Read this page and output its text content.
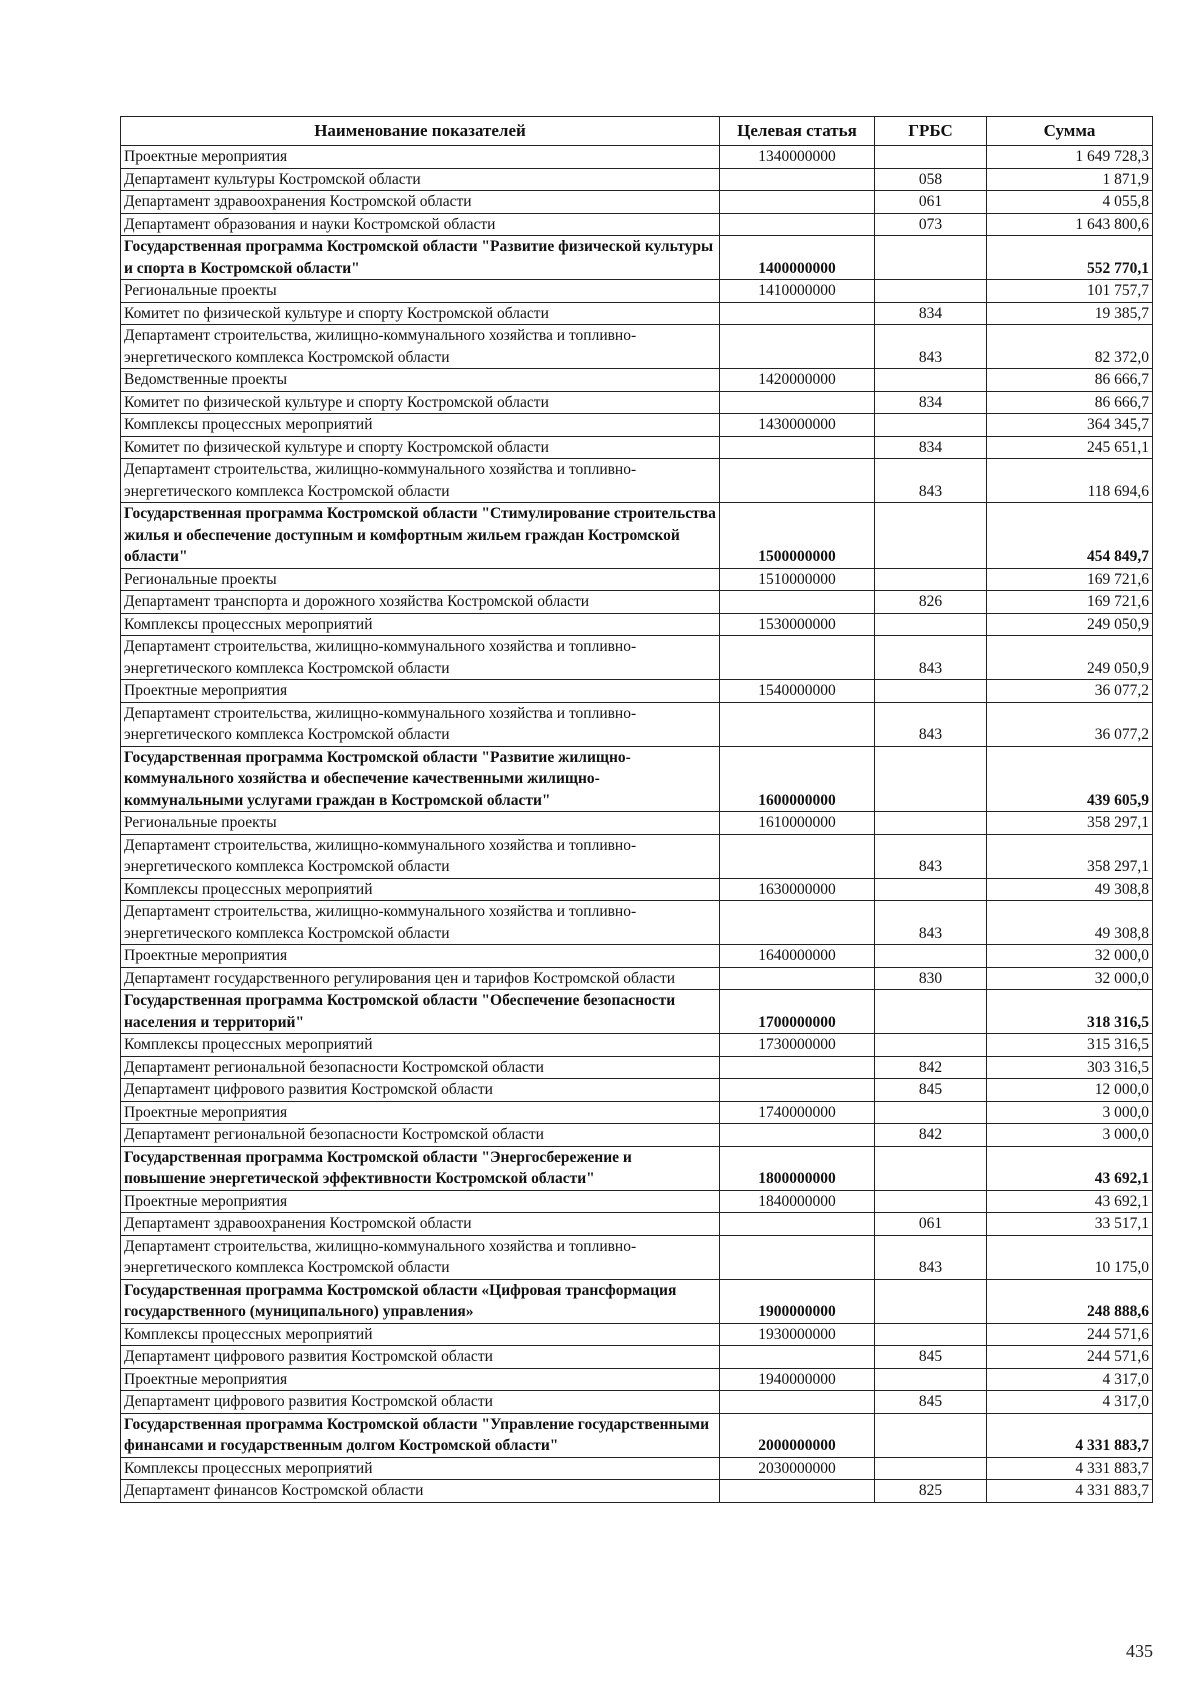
Наименование показателей	Целевая статья	ГРБС	Сумма
Проектные мероприятия	1340000000		1 649 728,3
Департамент культуры Костромской области		058	1 871,9
Департамент здравоохранения Костромской области		061	4 055,8
Департамент образования и науки Костромской области		073	1 643 800,6
Государственная программа Костромской области "Развитие физической культуры и спорта в Костромской области"	1400000000		552 770,1
Региональные проекты	1410000000		101 757,7
Комитет по физической культуре и спорту Костромской области		834	19 385,7
Департамент строительства, жилищно-коммунального хозяйства и топливно-энергетического комплекса Костромской области		843	82 372,0
Ведомственные проекты	1420000000		86 666,7
Комитет по физической культуре и спорту Костромской области		834	86 666,7
Комплексы процессных мероприятий	1430000000		364 345,7
Комитет по физической культуре и спорту Костромской области		834	245 651,1
Департамент строительства, жилищно-коммунального хозяйства и топливно-энергетического комплекса Костромской области		843	118 694,6
Государственная программа Костромской области "Стимулирование строительства жилья и обеспечение доступным и комфортным жильем граждан Костромской области"	1500000000		454 849,7
Региональные проекты	1510000000		169 721,6
Департамент транспорта и дорожного хозяйства Костромской области		826	169 721,6
Комплексы процессных мероприятий	1530000000		249 050,9
Департамент строительства, жилищно-коммунального хозяйства и топливно-энергетического комплекса Костромской области		843	249 050,9
Проектные мероприятия	1540000000		36 077,2
Департамент строительства, жилищно-коммунального хозяйства и топливно-энергетического комплекса Костромской области		843	36 077,2
Государственная программа Костромской области "Развитие жилищно-коммунального хозяйства и обеспечение качественными жилищно-коммунальными услугами граждан в Костромской области"	1600000000		439 605,9
Региональные проекты	1610000000		358 297,1
Департамент строительства, жилищно-коммунального хозяйства и топливно-энергетического комплекса Костромской области		843	358 297,1
Комплексы процессных мероприятий	1630000000		49 308,8
Департамент строительства, жилищно-коммунального хозяйства и топливно-энергетического комплекса Костромской области		843	49 308,8
Проектные мероприятия	1640000000		32 000,0
Департамент государственного регулирования цен и тарифов Костромской области		830	32 000,0
Государственная программа Костромской области "Обеспечение безопасности населения и территорий"	1700000000		318 316,5
Комплексы процессных мероприятий	1730000000		315 316,5
Департамент региональной безопасности Костромской области		842	303 316,5
Департамент цифрового развития Костромской области		845	12 000,0
Проектные мероприятия	1740000000		3 000,0
Департамент региональной безопасности Костромской области		842	3 000,0
Государственная программа Костромской области "Энергосбережение и повышение энергетической эффективности Костромской области"	1800000000		43 692,1
Проектные мероприятия	1840000000		43 692,1
Департамент здравоохранения Костромской области		061	33 517,1
Департамент строительства, жилищно-коммунального хозяйства и топливно-энергетического комплекса Костромской области		843	10 175,0
Государственная программа Костромской области «Цифровая трансформация государственного (муниципального) управления»	1900000000		248 888,6
Комплексы процессных мероприятий	1930000000		244 571,6
Департамент цифрового развития Костромской области		845	244 571,6
Проектные мероприятия	1940000000		4 317,0
Департамент цифрового развития Костромской области		845	4 317,0
Государственная программа Костромской области "Управление государственными финансами и государственным долгом Костромской области"	2000000000		4 331 883,7
Комплексы процессных мероприятий	2030000000		4 331 883,7
Департамент финансов Костромской области		825	4 331 883,7
435
